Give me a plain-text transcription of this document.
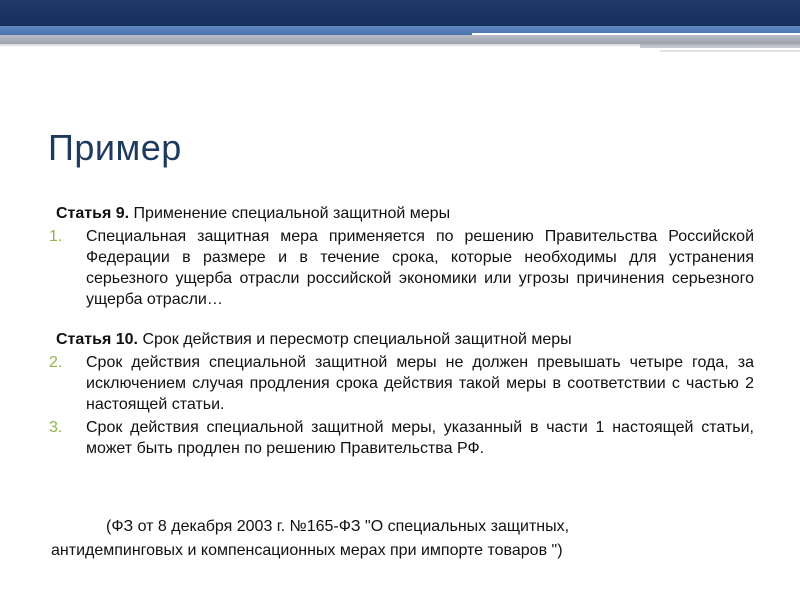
Пример

Статья 9. Применение специальной защитной меры

1. Специальная защитная мера применяется по решению Правительства Российской Федерации в размере и в течение срока, которые необходимы для устранения серьезного ущерба отрасли российской экономики или угрозы причинения серьезного ущерба отрасли…

Статья 10. Срок действия и пересмотр специальной защитной меры

2. Срок действия специальной защитной меры не должен превышать четыре года, за исключением случая продления срока действия такой меры в соответствии с частью 2 настоящей статьи.
3. Срок действия специальной защитной меры, указанный в части 1 настоящей статьи, может быть продлен по решению Правительства РФ.
(ФЗ от 8 декабря 2003 г. №165-ФЗ "О специальных защитных,
антидемпинговых и компенсационных мерах при импорте товаров ")
